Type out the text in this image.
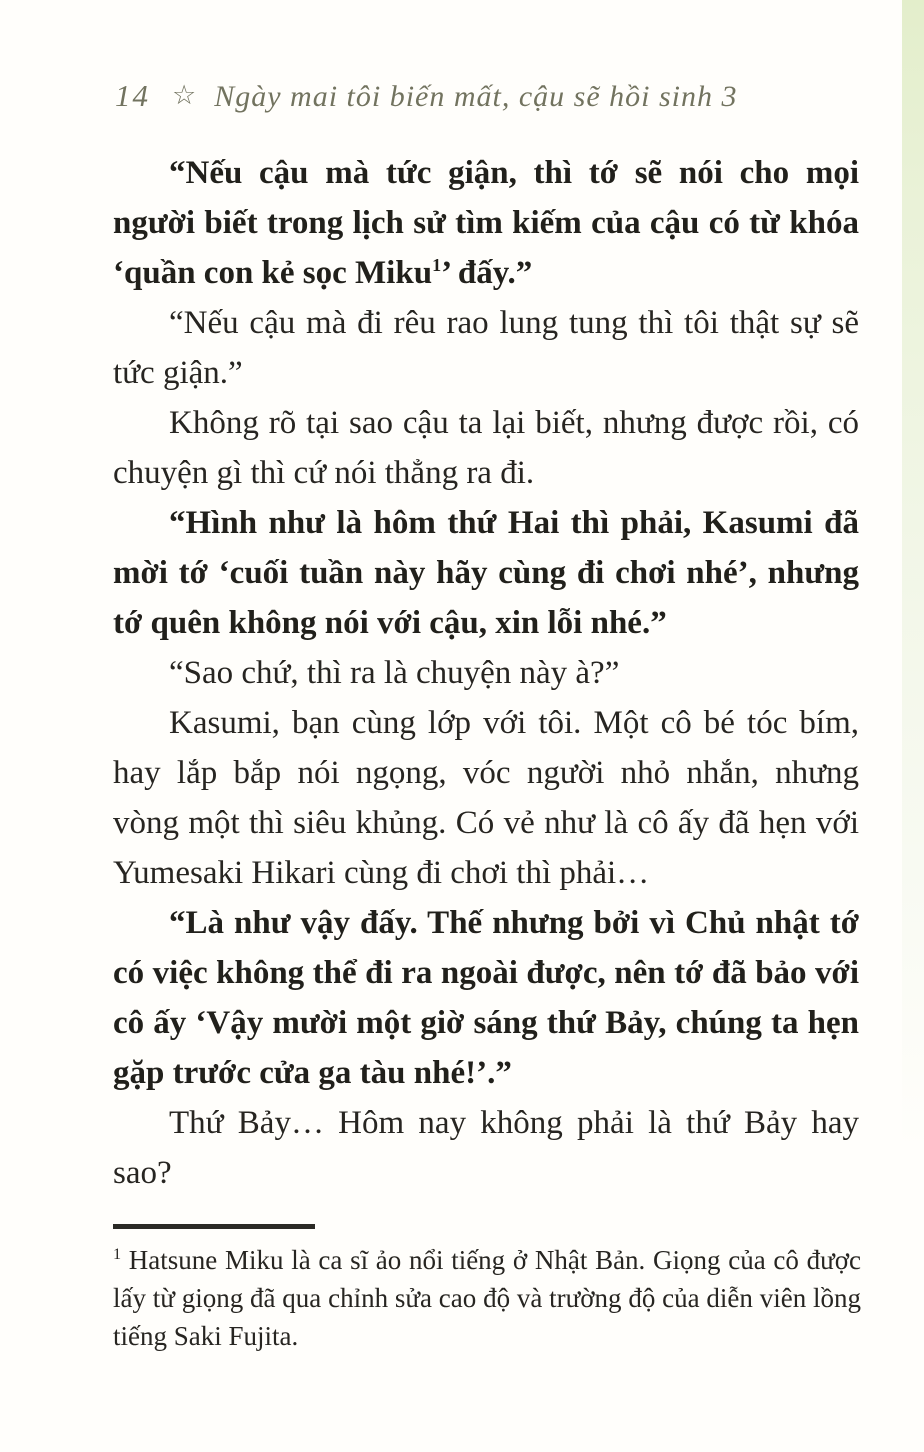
14 ☆ Ngày mai tôi biến mất, cậu sẽ hồi sinh 3

“Nếu cậu mà tức giận, thì tớ sẽ nói cho mọi người biết trong lịch sử tìm kiếm của cậu có từ khóa ‘quần con kẻ sọc Miku$^1$’ đấy.”

“Nếu cậu mà đi rêu rao lung tung thì tôi thật sự sẽ tức giận.”

Không rõ tại sao cậu ta lại biết, nhưng được rồi, có chuyện gì thì cứ nói thẳng ra đi.

“Hình như là hôm thứ Hai thì phải, Kasumi đã mời tớ ‘cuối tuần này hãy cùng đi chơi nhé’, nhưng tớ quên không nói với cậu, xin lỗi nhé.”

“Sao chứ, thì ra là chuyện này à?”

Kasumi, bạn cùng lớp với tôi. Một cô bé tóc bím, hay lắp bắp nói ngọng, vóc người nhỏ nhắn, nhưng vòng một thì siêu khủng. Có vẻ như là cô ấy đã hẹn với Yumesaki Hikari cùng đi chơi thì phải…

“Là như vậy đấy. Thế nhưng bởi vì Chủ nhật tớ có việc không thể đi ra ngoài được, nên tớ đã bảo với cô ấy ‘Vậy mười một giờ sáng thứ Bảy, chúng ta hẹn gặp trước cửa ga tàu nhé!’.”

Thứ Bảy… Hôm nay không phải là thứ Bảy hay sao?

$^1$ Hatsune Miku là ca sĩ ảo nổi tiếng ở Nhật Bản. Giọng của cô được lấy từ giọng đã qua chỉnh sửa cao độ và trường độ của diễn viên lồng tiếng Saki Fujita.
